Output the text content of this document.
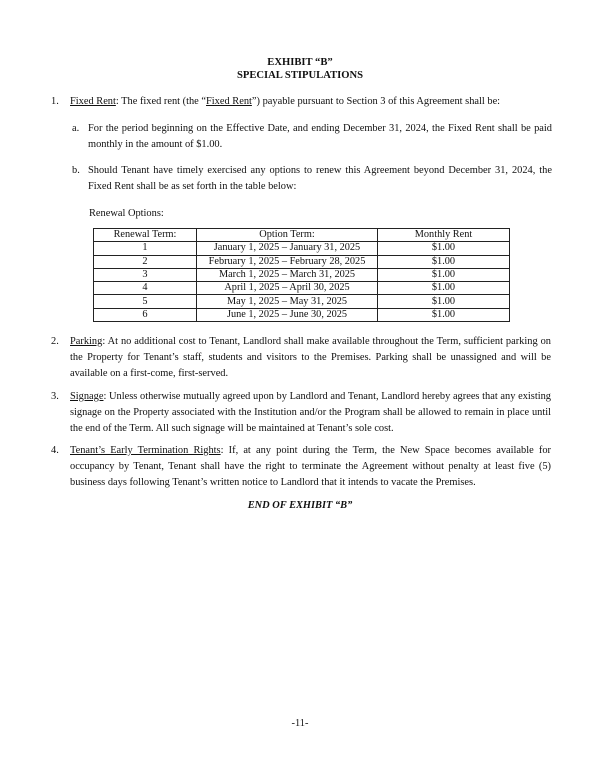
EXHIBIT “B”
SPECIAL STIPULATIONS
1. Fixed Rent: The fixed rent (the “Fixed Rent”) payable pursuant to Section 3 of this Agreement shall be:
a. For the period beginning on the Effective Date, and ending December 31, 2024, the Fixed Rent shall be paid monthly in the amount of $1.00.
b. Should Tenant have timely exercised any options to renew this Agreement beyond December 31, 2024, the Fixed Rent shall be as set forth in the table below:
Renewal Options:
Renewal Term:	Option Term:	Monthly Rent
1	January 1, 2025 – January 31, 2025	$1.00
2	February 1, 2025 – February 28, 2025	$1.00
3	March 1, 2025 – March 31, 2025	$1.00
4	April 1, 2025 – April 30, 2025	$1.00
5	May 1, 2025 – May 31, 2025	$1.00
6	June 1, 2025 – June 30, 2025	$1.00
2. Parking: At no additional cost to Tenant, Landlord shall make available throughout the Term, sufficient parking on the Property for Tenant’s staff, students and visitors to the Premises. Parking shall be unassigned and will be available on a first-come, first-served.
3. Signage: Unless otherwise mutually agreed upon by Landlord and Tenant, Landlord hereby agrees that any existing signage on the Property associated with the Institution and/or the Program shall be allowed to remain in place until the end of the Term. All such signage will be maintained at Tenant’s sole cost.
4. Tenant’s Early Termination Rights: If, at any point during the Term, the New Space becomes available for occupancy by Tenant, Tenant shall have the right to terminate the Agreement without penalty at least five (5) business days following Tenant’s written notice to Landlord that it intends to vacate the Premises.
END OF EXHIBIT “B”
-11-
